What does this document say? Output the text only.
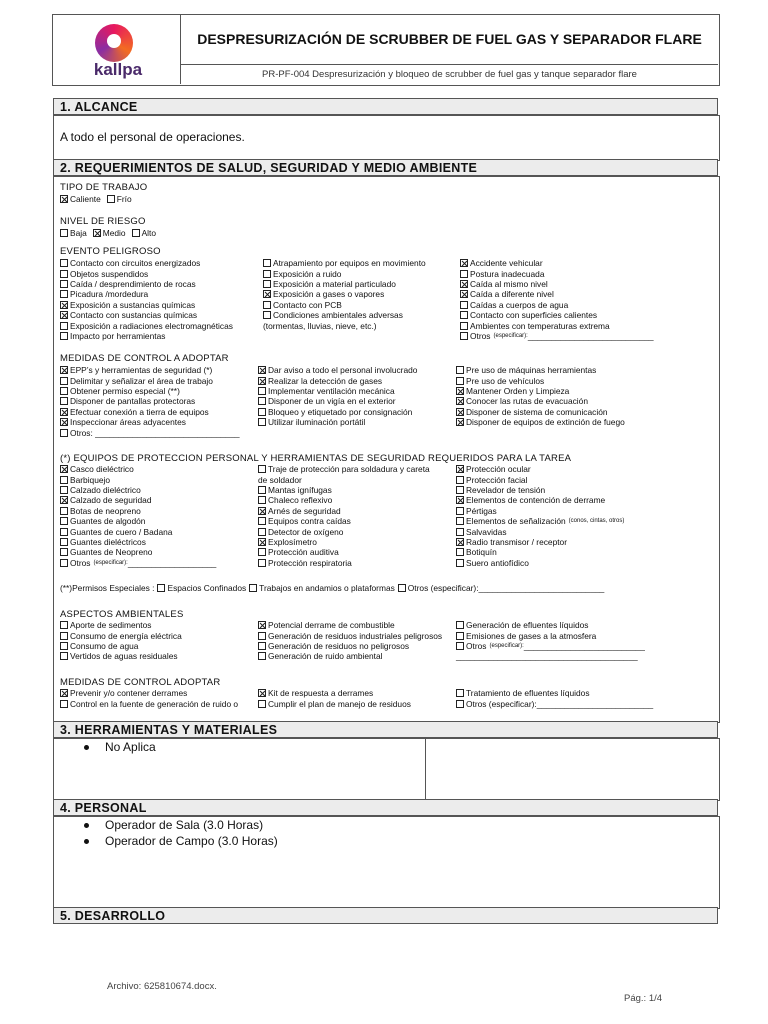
kallpa
DESPRESURIZACIÓN DE SCRUBBER DE FUEL GAS Y SEPARADOR FLARE
PR-PF-004 Despresurización y bloqueo de scrubber de fuel gas y tanque separador flare
1. ALCANCE
A todo el personal de operaciones.
2. REQUERIMIENTOS DE SALUD, SEGURIDAD Y MEDIO AMBIENTE
TIPO DE TRABAJO
Caliente Frío
NIVEL DE RIESGO
Baja Medio Alto
EVENTO PELIGROSO
Contacto con circuitos energizados
Objetos suspendidos
Caída / desprendimiento de rocas
Picadura /mordedura
Exposición a sustancias químicas
Contacto con sustancias químicas
Exposición a radiaciones electromagnéticas
Impacto por herramientas
Atrapamiento por equipos en movimiento
Exposición a ruido
Exposición a material particulado
Exposición a gases o vapores
Contacto con PCB
Condiciones ambientales adversas
(tormentas, lluvias, nieve, etc.)
Accidente vehicular
Postura inadecuada
Caída al mismo nivel
Caída a diferente nivel
Caídas a cuerpos de agua
Contacto con superficies calientes
Ambientes con temperaturas extrema
Otros (especificar): ___________________________
MEDIDAS DE CONTROL A ADOPTAR
EPP’s y herramientas de seguridad (*)
Delimitar y señalizar el área de trabajo
Obtener permiso especial (**)
Disponer de pantallas protectoras
Efectuar conexión a tierra de equipos
Inspeccionar áreas adyacentes
Otros: _______________________________
Dar aviso a todo el personal involucrado
Realizar la detección de gases
Implementar ventilación mecánica
Disponer de un vigía en el exterior
Bloqueo y etiquetado por consignación
Utilizar iluminación portátil
Pre uso de máquinas herramientas
Pre uso de vehículos
Mantener Orden y Limpieza
Conocer las rutas de evacuación
Disponer de sistema de comunicación
Disponer de equipos de extinción de fuego
(*) EQUIPOS DE PROTECCION PERSONAL Y HERRAMIENTAS DE SEGURIDAD REQUERIDOS PARA LA TAREA
Casco dieléctrico
Barbiquejo
Calzado dieléctrico
Calzado de seguridad
Botas de neopreno
Guantes de algodón
Guantes de cuero / Badana
Guantes dieléctricos
Guantes de Neopreno
Otros (especificar): ___________________
Traje de protección para soldadura y careta
de soldador
Mantas ignífugas
Chaleco reflexivo
Arnés de seguridad
Equipos contra caídas
Detector de oxígeno
Explosímetro
Protección auditiva
Protección respiratoria
Protección ocular
Protección facial
Revelador de tensión
Elementos de contención de derrame
Pértigas
Elementos de señalización (conos, cintas, otros)
Salvavidas
Radio transmisor / receptor
Botiquín
Suero antiofídico
(**)Permisos Especiales : Espacios Confinados Trabajos en andamios o plataformas Otros (especificar):___________________________
ASPECTOS AMBIENTALES
Aporte de sedimentos
Consumo de energía eléctrica
Consumo de agua
Vertidos de aguas residuales
Potencial derrame de combustible
Generación de residuos industriales peligrosos
Generación de residuos no peligrosos
Generación de ruido ambiental
Generación de efluentes líquidos
Emisiones de gases a la atmosfera
Otros (especificar): __________________________
_______________________________________
MEDIDAS DE CONTROL ADOPTAR
Prevenir y/o contener derrames
Control en la fuente de generación de ruido o
Kit de respuesta a derrames
Cumplir el plan de manejo de residuos
Tratamiento de efluentes líquidos
Otros (especificar):_________________________
3. HERRAMIENTAS Y MATERIALES
No Aplica
4. PERSONAL
Operador de Sala (3.0 Horas)
Operador de Campo (3.0 Horas)
5. DESARROLLO
Archivo: 625810674.docx.
Pág.: 1/4
